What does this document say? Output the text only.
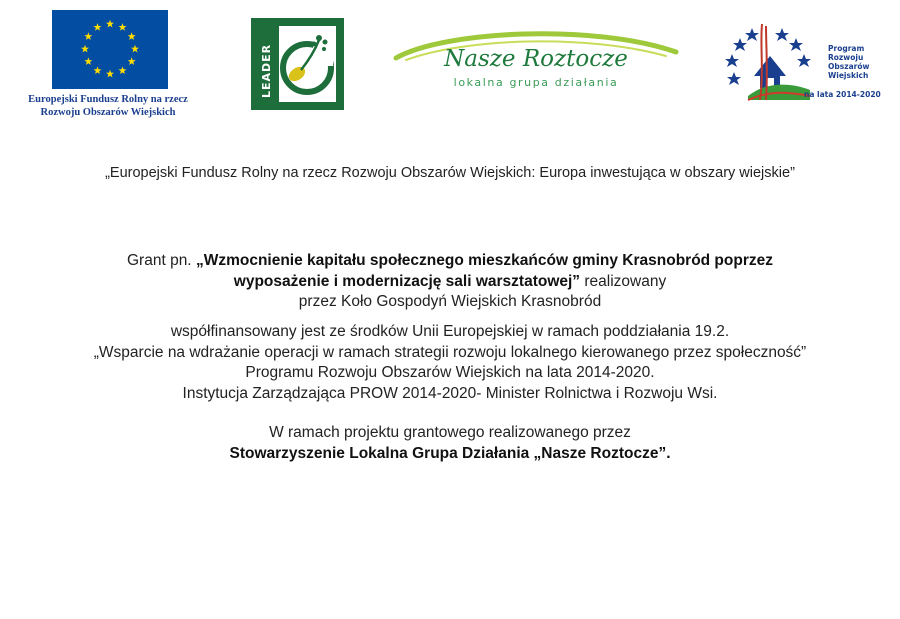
Europejski Fundusz Rolny na rzecz
Rozwoju Obszarów Wiejskich
LEADER	Nasze Roztocze
lokalna grupa działania
Program
Rozwoju
Obszarów
Wiejskich
na lata 2014-2020
„Europejski Fundusz Rolny na rzecz Rozwoju Obszarów Wiejskich: Europa inwestująca w obszary wiejskie”

Grant pn. „Wzmocnienie kapitału społecznego mieszkańców gminy Krasnobród poprzez

wyposażenie i modernizację sali warsztatowej” realizowany

przez Koło Gospodyń Wiejskich Krasnobród

współfinansowany jest ze środków Unii Europejskiej w ramach poddziałania 19.2.

„Wsparcie na wdrażanie operacji w ramach strategii rozwoju lokalnego kierowanego przez społeczność”

Programu Rozwoju Obszarów Wiejskich na lata 2014-2020.

Instytucja Zarządzająca PROW 2014-2020- Minister Rolnictwa i Rozwoju Wsi.

W ramach projektu grantowego realizowanego przez

Stowarzyszenie Lokalna Grupa Działania „Nasze Roztocze”.
